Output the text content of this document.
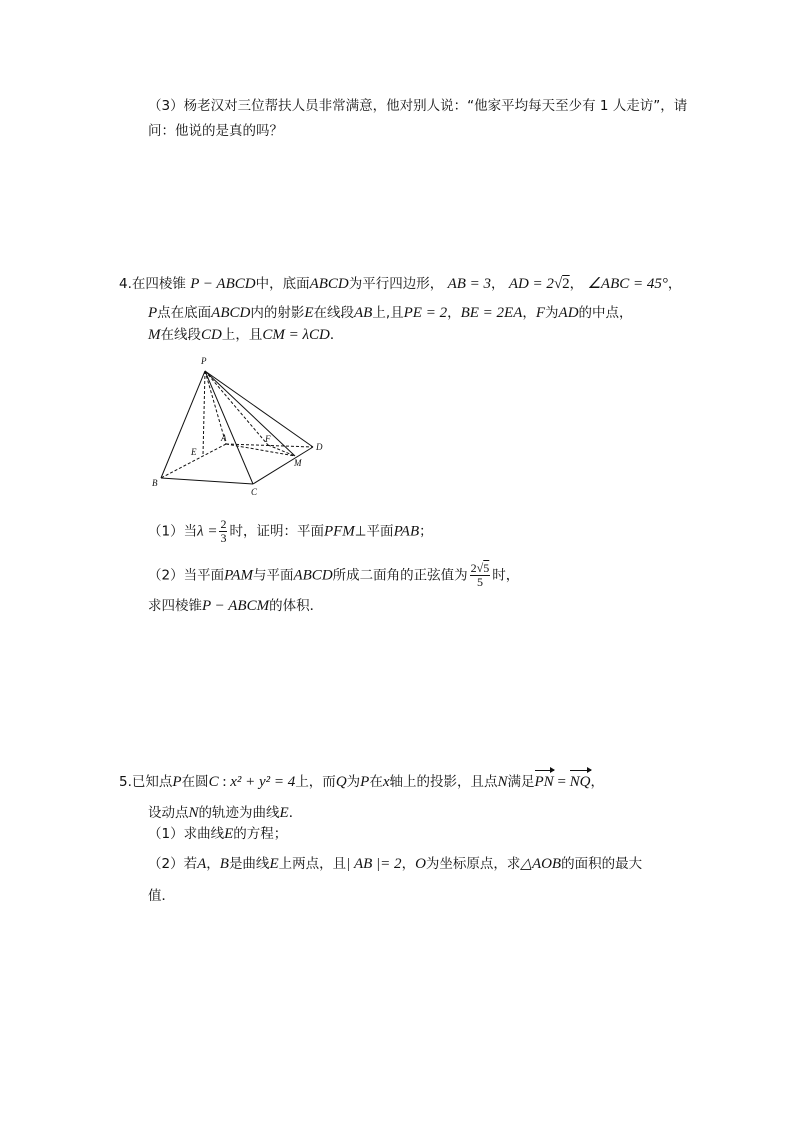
（3）杨老汉对三位帮扶人员非常满意，他对别人说：“他家平均每天至少有 1 人走访”，请
问：他说的是真的吗？
4.在四棱锥 P − ABCD中，底面ABCD为平行四边形， AB = 3， AD = 2√2， ∠ABC = 45°，
P点在底面ABCD内的射影E在线段AB上,且PE = 2，BE = 2EA，F为AD的中点，
M在线段CD上，且CM = λCD．
P
A
E
F
D
M
B
C
（1）当$\lambda = \frac{2}{3}$ 时，证明：平面PFM⊥平面PAB；
（2）当平面PAM与平面ABCD所成二面角的正弦值为 $\frac{2√5}{5}$ 时，
求四棱锥P − ABCM的体积．
5.已知点P在圆C : x² + y² = 4上，而Q为P在x轴上的投影，且点N满足PN = NQ，
设动点N的轨迹为曲线E．
（1）求曲线E的方程；
（2）若A，B是曲线E上两点，且| AB |= 2，O为坐标原点，求△AOB的面积的最大
值．
